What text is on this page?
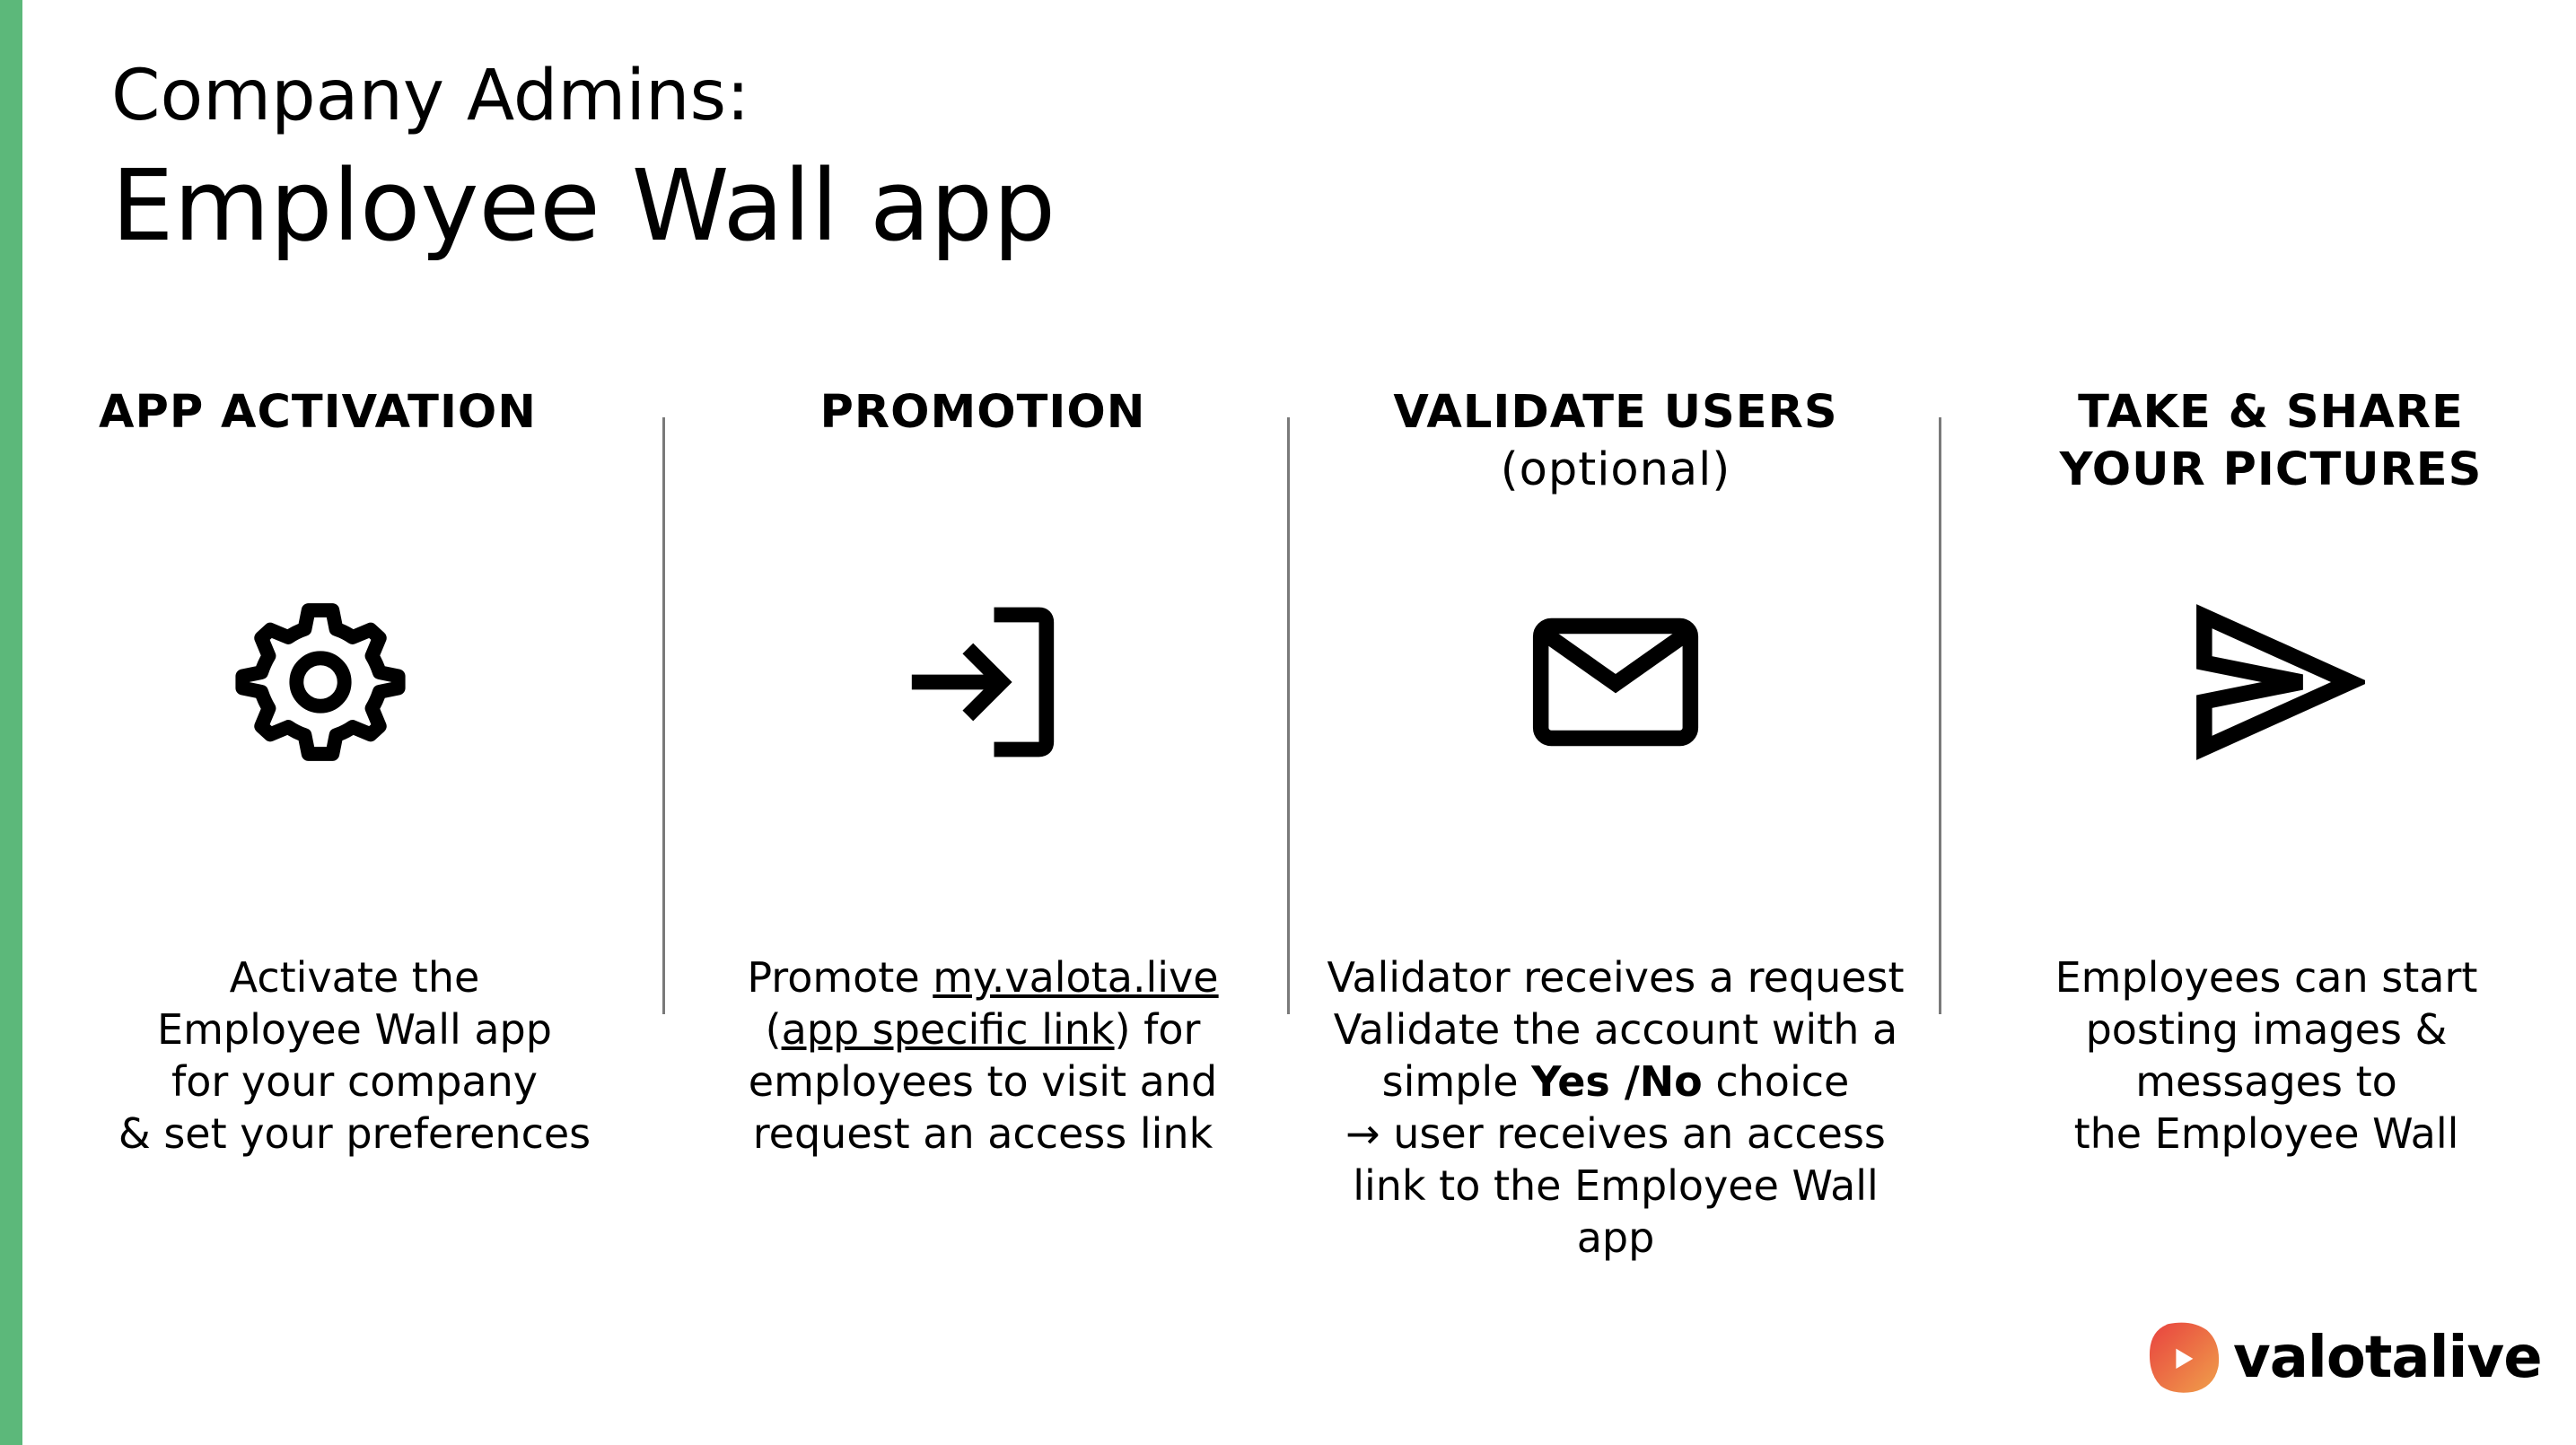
Company Admins:
Employee Wall app
APP ACTIVATION
Activate the
Employee Wall app
for your company
& set your preferences
PROMOTION
Promote my.valota.live
(app specific link) for
employees to visit and
request an access link
VALIDATE USERS
(optional)
Validator receives a request
Validate the account with a
simple Yes /No choice
→ user receives an access
link to the Employee Wall
app
TAKE & SHARE
YOUR PICTURES
Employees can start
posting images &
messages to
the Employee Wall
valotalive
